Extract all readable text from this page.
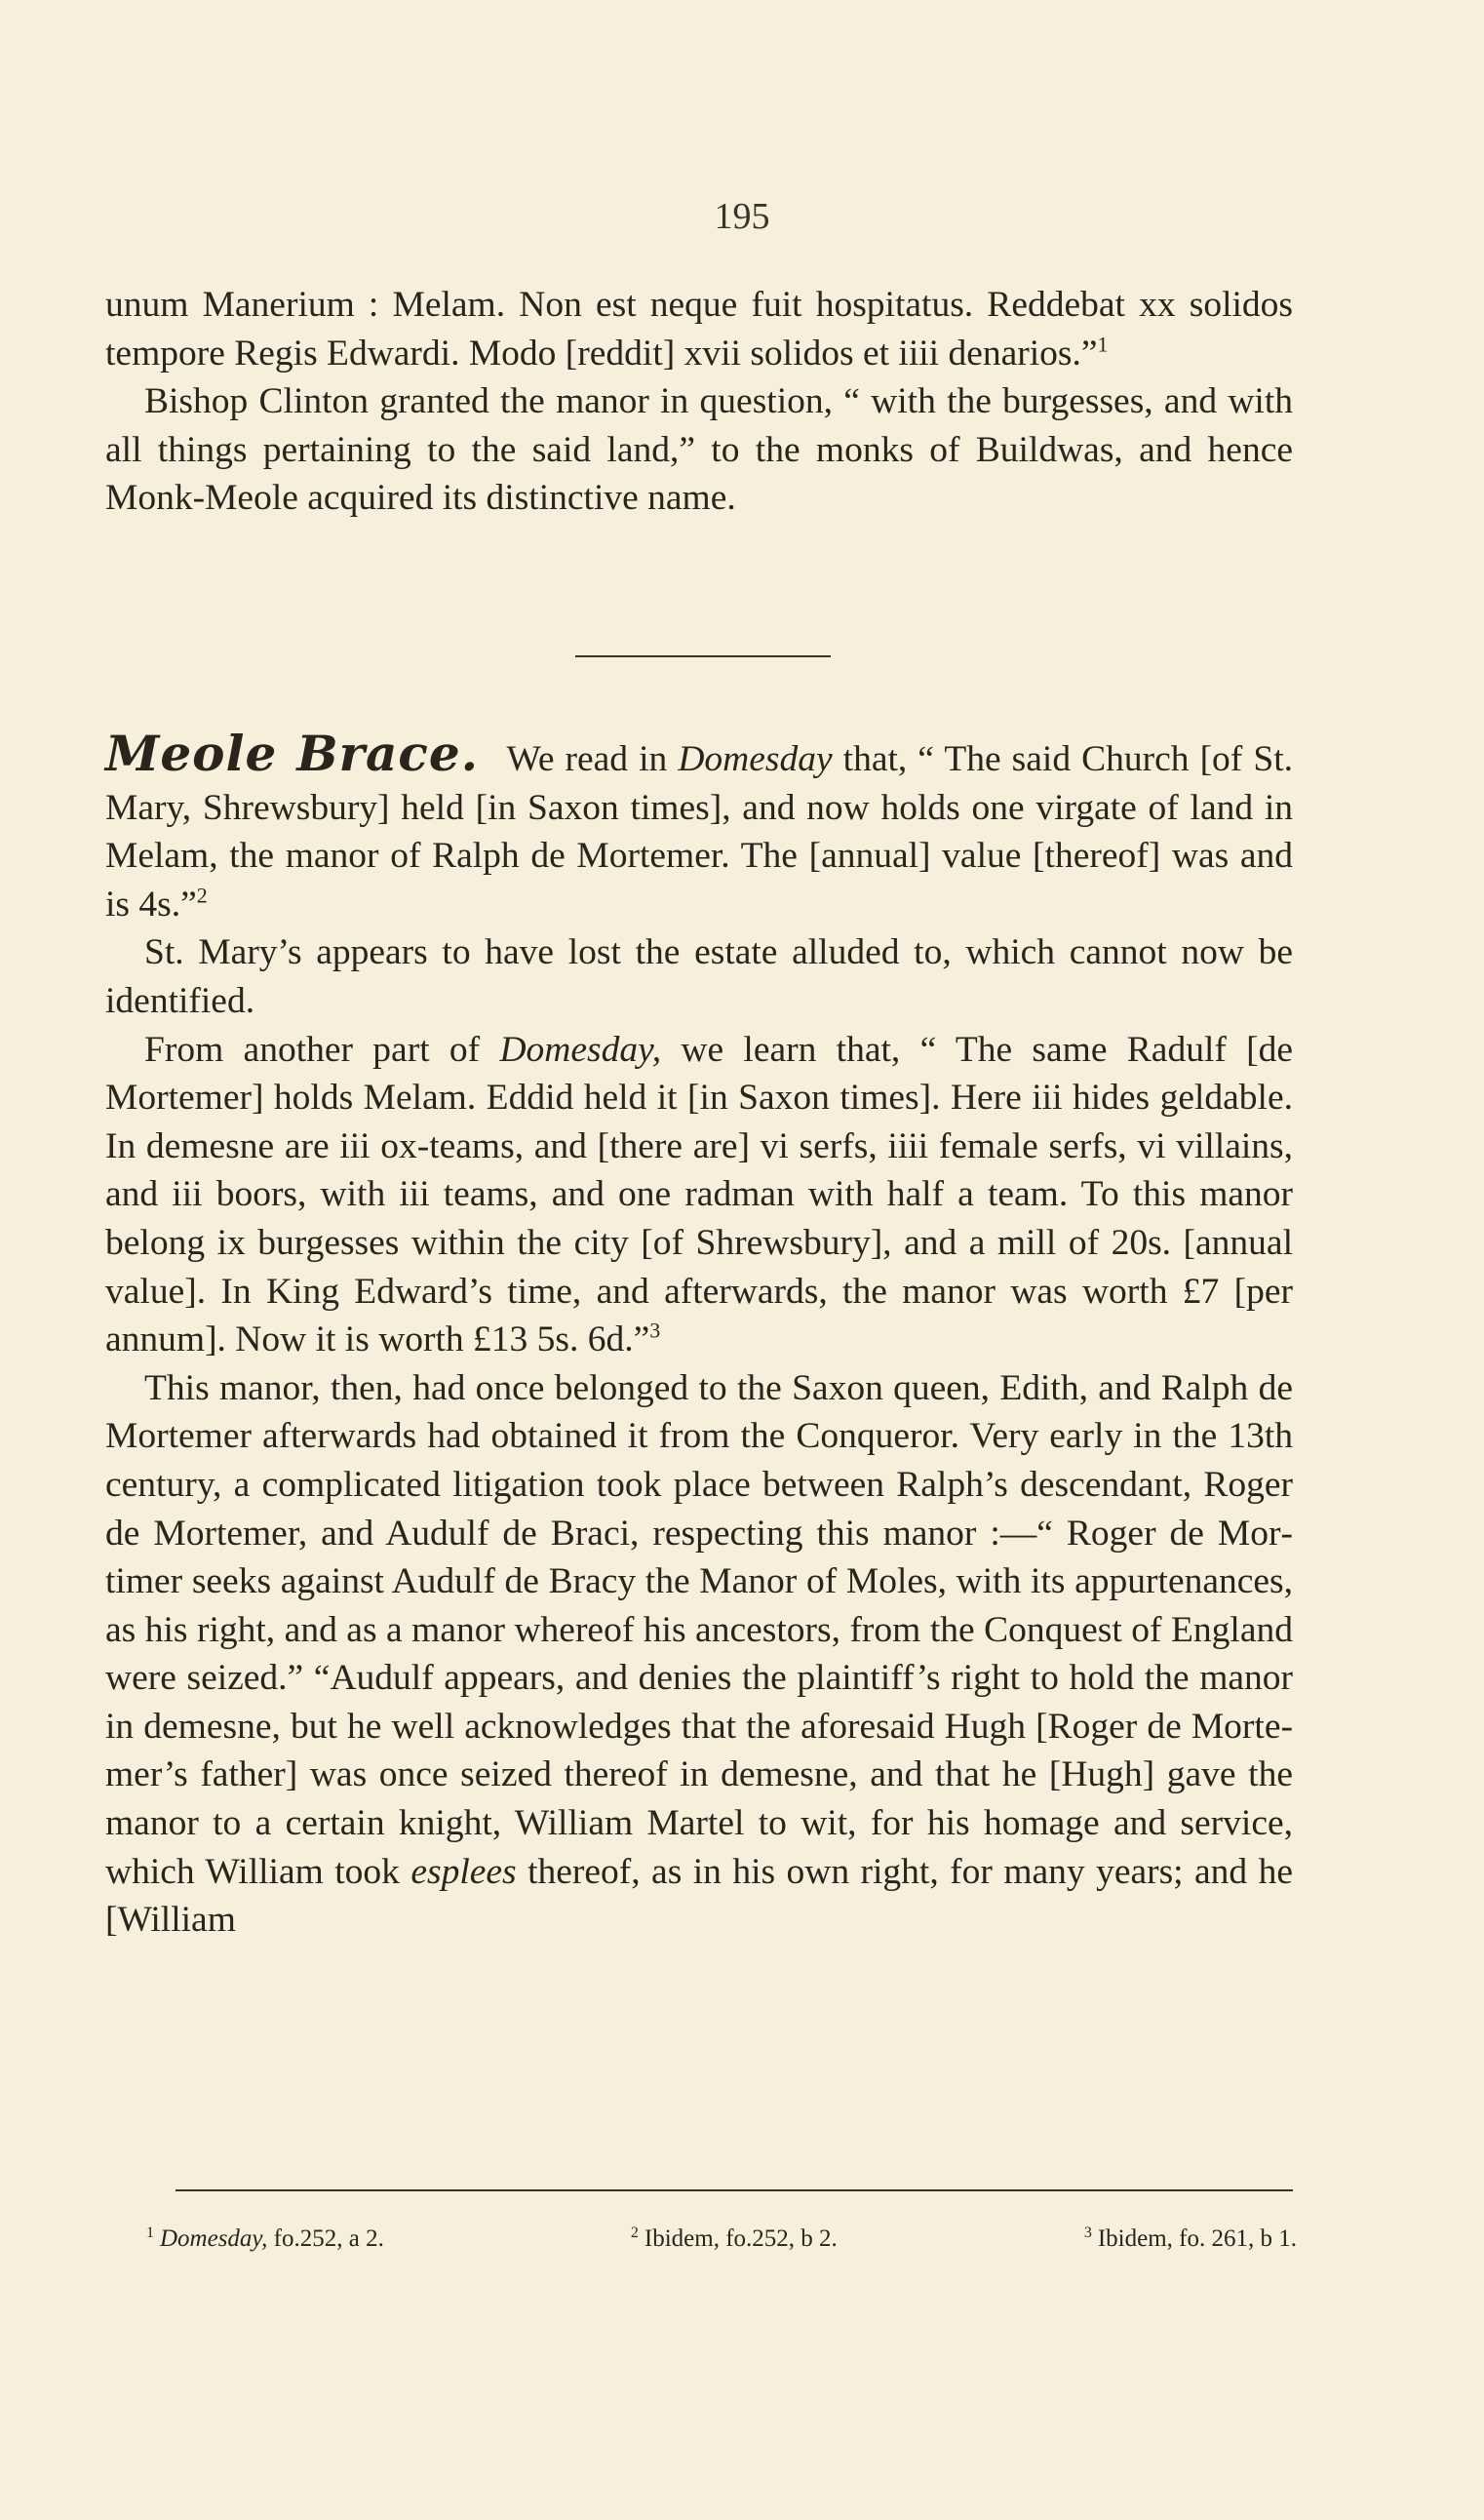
195

unum Manerium : Melam. Non est neque fuit hospitatus. Reddebat xx solidos tempore Regis Edwardi. Modo [reddit] xvii solidos et iiii denarios.”$^1$

Bishop Clinton granted the manor in question, “ with the burgesses, and with all things pertaining to the said land,” to the monks of Buildwas, and hence Monk-Meole acquired its distinctive name.

Meole Brace. We read in Domesday that, “ The said Church [of St. Mary, Shrewsbury] held [in Saxon times], and now holds one virgate of land in Melam, the manor of Ralph de Mortemer. The [annual] value [thereof] was and is 4s.”$^2$

St. Mary’s appears to have lost the estate alluded to, which cannot now be identified.

From another part of Domesday, we learn that, “ The same Radulf [de Mortemer] holds Melam. Eddid held it [in Saxon times]. Here iii hides geldable. In demesne are iii ox-teams, and [there are] vi serfs, iiii female serfs, vi villains, and iii boors, with iii teams, and one radman with half a team. To this manor belong ix burgesses within the city [of Shrewsbury], and a mill of 20s. [annual value]. In King Edward’s time, and afterwards, the manor was worth £7 [per annum]. Now it is worth £13 5s. 6d.”$^3$

This manor, then, had once belonged to the Saxon queen, Edith, and Ralph de Mortemer afterwards had obtained it from the Conqueror. Very early in the 13th century, a complicated litigation took place between Ralph’s descendant, Roger de Mortemer, and Audulf de Braci, respecting this manor :—“ Roger de Mortimer seeks against Audulf de Bracy the Manor of Moles, with its appurtenances, as his right, and as a manor whereof his ancestors, from the Conquest of England were seized.” “Audulf appears, and denies the plaintiff’s right to hold the manor in demesne, but he well acknowledges that the aforesaid Hugh [Roger de Mortemer’s father] was once seized thereof in demesne, and that he [Hugh] gave the manor to a certain knight, William Martel to wit, for his homage and service, which William took esplees thereof, as in his own right, for many years; and he [William

$^1$ Domesday, fo.252, a 2.	$^2$ Ibidem, fo.252, b 2.	$^3$ Ibidem, fo. 261, b 1.
